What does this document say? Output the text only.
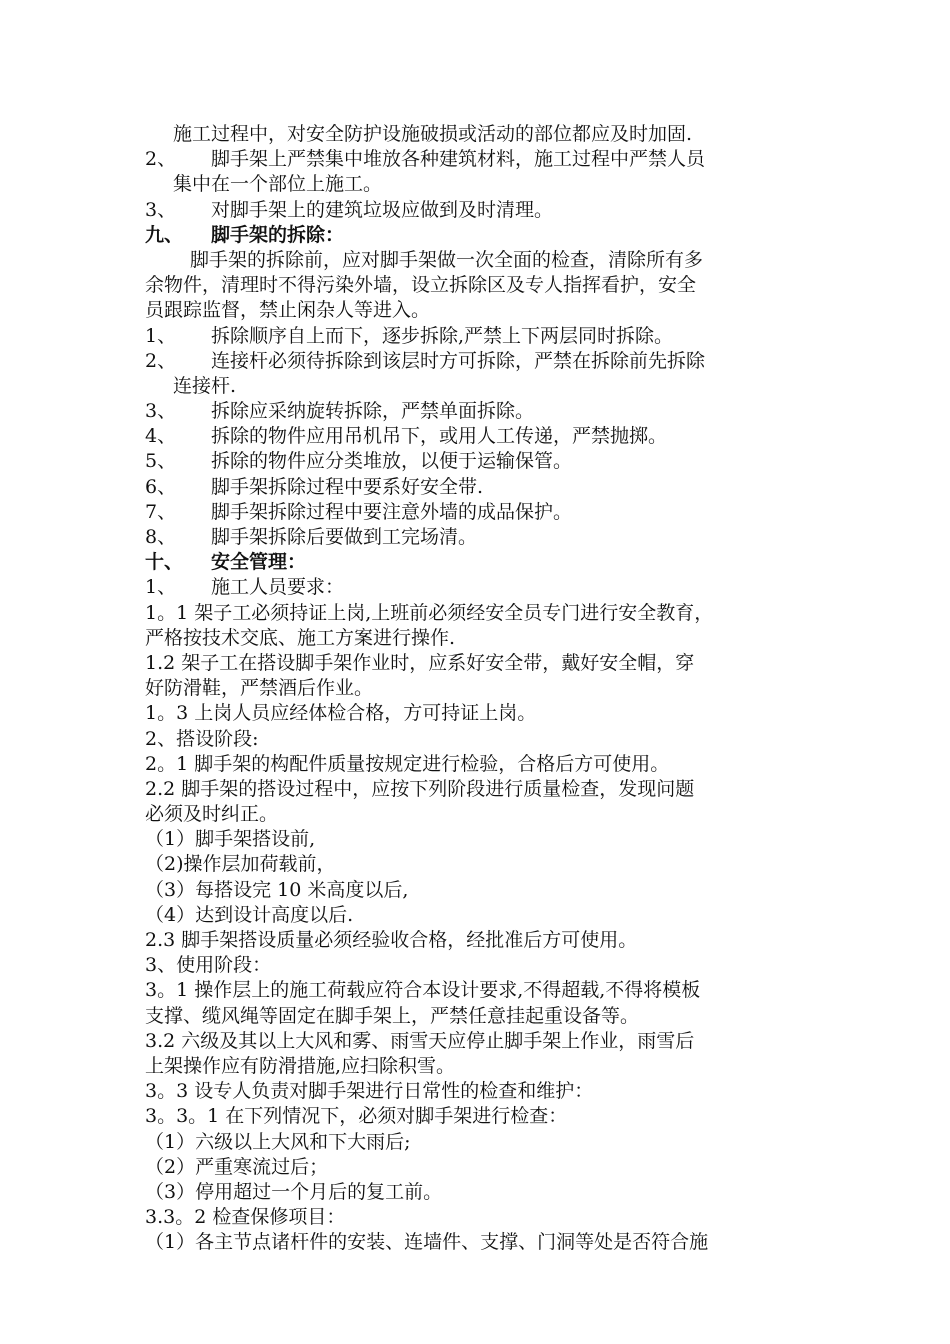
施工过程中，对安全防护设施破损或活动的部位都应及时加固.
2、 脚手架上严禁集中堆放各种建筑材料，施工过程中严禁人员
集中在一个部位上施工。
3、 对脚手架上的建筑垃圾应做到及时清理。
九、 脚手架的拆除：
脚手架的拆除前，应对脚手架做一次全面的检查，清除所有多
余物件，清理时不得污染外墙，设立拆除区及专人指挥看护，安全
员跟踪监督，禁止闲杂人等进入。
1、 拆除顺序自上而下，逐步拆除,严禁上下两层同时拆除。
2、 连接杆必须待拆除到该层时方可拆除，严禁在拆除前先拆除
连接杆.
3、 拆除应采纳旋转拆除，严禁单面拆除。
4、 拆除的物件应用吊机吊下，或用人工传递，严禁抛掷。
5、 拆除的物件应分类堆放，以便于运输保管。
6、 脚手架拆除过程中要系好安全带.
7、 脚手架拆除过程中要注意外墙的成品保护。
8、 脚手架拆除后要做到工完场清。
十、 安全管理：
1、 施工人员要求：
1。1 架子工必须持证上岗,上班前必须经安全员专门进行安全教育，
严格按技术交底、施工方案进行操作.
1.2 架子工在搭设脚手架作业时，应系好安全带，戴好安全帽，穿
好防滑鞋，严禁酒后作业。
1。3 上岗人员应经体检合格，方可持证上岗。
2、搭设阶段:
2。1 脚手架的构配件质量按规定进行检验，合格后方可使用。
2.2 脚手架的搭设过程中，应按下列阶段进行质量检查，发现问题
必须及时纠正。
（1）脚手架搭设前,
（2)操作层加荷载前，
（3）每搭设完 10 米高度以后,
（4）达到设计高度以后.
2.3 脚手架搭设质量必须经验收合格，经批准后方可使用。
3、使用阶段：
3。1 操作层上的施工荷载应符合本设计要求,不得超载,不得将模板
支撑、缆风绳等固定在脚手架上，严禁任意挂起重设备等。
3.2 六级及其以上大风和雾、雨雪天应停止脚手架上作业，雨雪后
上架操作应有防滑措施,应扫除积雪。
3。3 设专人负责对脚手架进行日常性的检查和维护：
3。3。1 在下列情况下，必须对脚手架进行检查：
（1）六级以上大风和下大雨后;
（2）严重寒流过后；
（3）停用超过一个月后的复工前。
3.3。2 检查保修项目：
（1）各主节点诸杆件的安装、连墙件、支撑、门洞等处是否符合施
